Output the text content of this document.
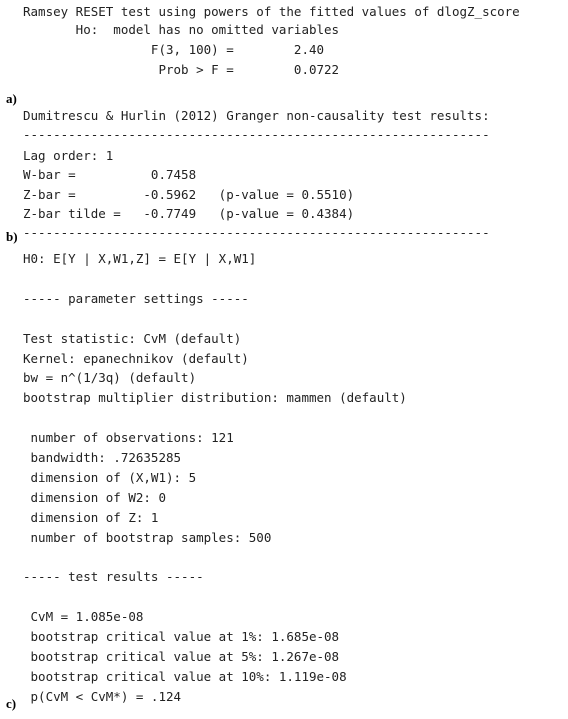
Ramsey RESET test using powers of the fitted values of dlogZ_score

Ho:  model has no omitted variables

F(3, 100) =        2.40

Prob > F =        0.0722

a)

Dumitrescu & Hurlin (2012) Granger non-causality test results:

--------------------------------------------------------------

Lag order: 1

W-bar =          0.7458

Z-bar =         -0.5962   (p-value = 0.5510)

Z-bar tilde =   -0.7749   (p-value = 0.4384)

--------------------------------------------------------------

b)
H0: E[Y | X,W1,Z] = E[Y | X,W1]
----- parameter settings -----
Test statistic: CvM (default)
Kernel: epanechnikov (default)
bw = n^(1/3q) (default)
bootstrap multiplier distribution: mammen (default)
number of observations: 121
bandwidth: .72635285
dimension of (X,W1): 5
dimension of W2: 0
dimension of Z: 1
number of bootstrap samples: 500
----- test results -----
CvM = 1.085e-08
bootstrap critical value at 1%: 1.685e-08
bootstrap critical value at 5%: 1.267e-08
bootstrap critical value at 10%: 1.119e-08
p(CvM < CvM*) = .124
c)
